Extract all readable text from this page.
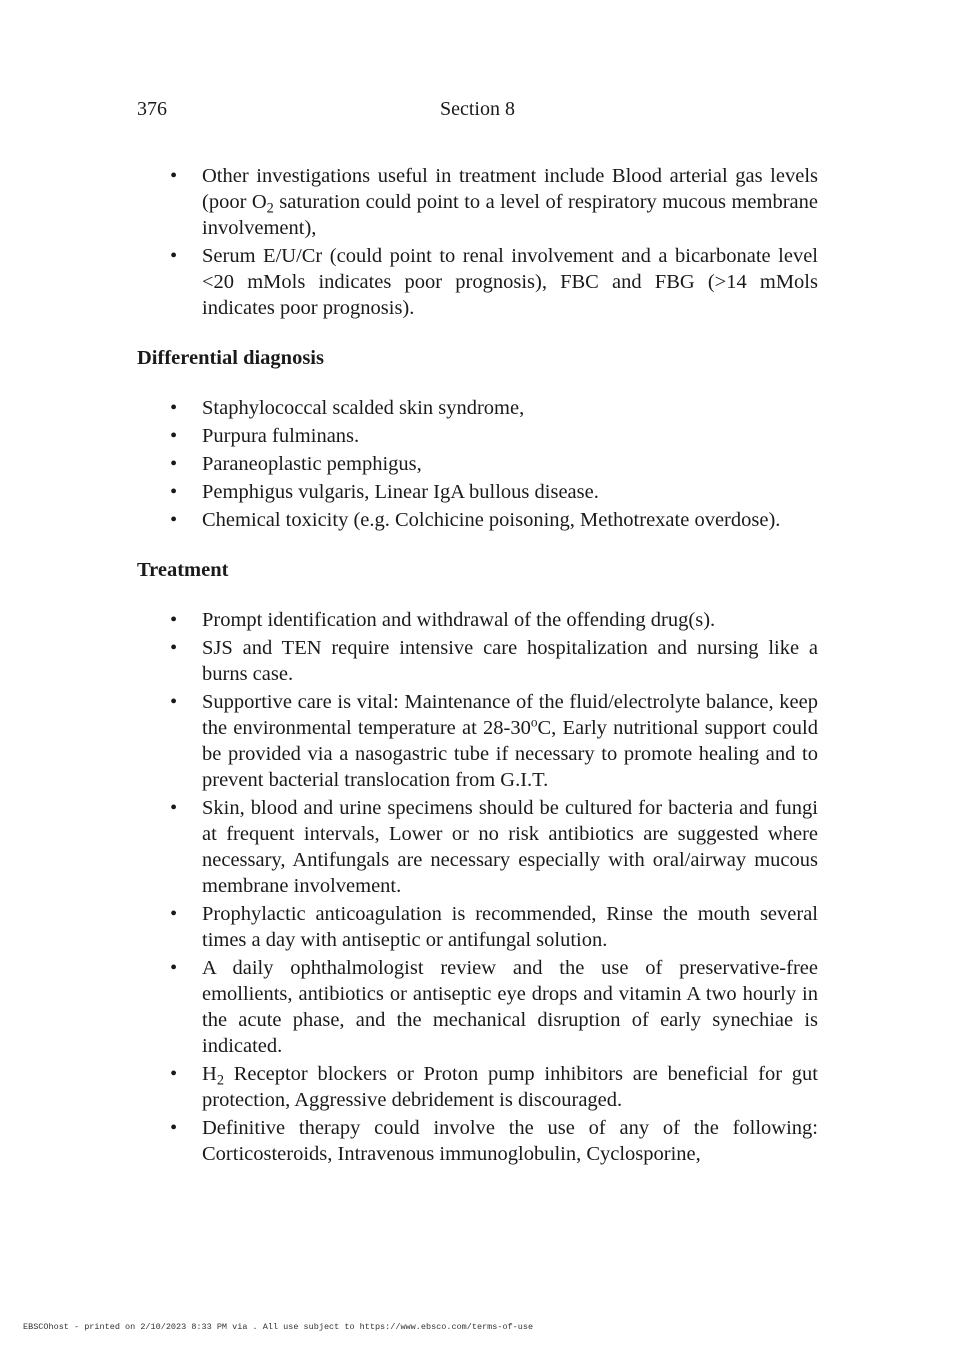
376	Section 8
• Other investigations useful in treatment include Blood arterial gas levels (poor $O_2$ saturation could point to a level of respiratory mucous membrane involvement),
• Serum E/U/Cr (could point to renal involvement and a bicarbonate level <20 mMols indicates poor prognosis), FBC and FBG (>14 mMols indicates poor prognosis).
Differential diagnosis
• Staphylococcal scalded skin syndrome,
• Purpura fulminans.
• Paraneoplastic pemphigus,
• Pemphigus vulgaris, Linear IgA bullous disease.
• Chemical toxicity (e.g. Colchicine poisoning, Methotrexate overdose).
Treatment
• Prompt identification and withdrawal of the offending drug(s).
• SJS and TEN require intensive care hospitalization and nursing like a burns case.
• Supportive care is vital: Maintenance of the fluid/electrolyte balance, keep the environmental temperature at 28-30$^o$C, Early nutritional support could be provided via a nasogastric tube if necessary to promote healing and to prevent bacterial translocation from G.I.T.
• Skin, blood and urine specimens should be cultured for bacteria and fungi at frequent intervals, Lower or no risk antibiotics are suggested where necessary, Antifungals are necessary especially with oral/airway mucous membrane involvement.
• Prophylactic anticoagulation is recommended, Rinse the mouth several times a day with antiseptic or antifungal solution.
• A daily ophthalmologist review and the use of preservative-free emollients, antibiotics or antiseptic eye drops and vitamin A two hourly in the acute phase, and the mechanical disruption of early synechiae is indicated.
• $H_2$ Receptor blockers or Proton pump inhibitors are beneficial for gut protection, Aggressive debridement is discouraged.
• Definitive therapy could involve the use of any of the following: Corticosteroids, Intravenous immunoglobulin, Cyclosporine,
EBSCOhost - printed on 2/10/2023 8:33 PM via . All use subject to https://www.ebsco.com/terms-of-use
